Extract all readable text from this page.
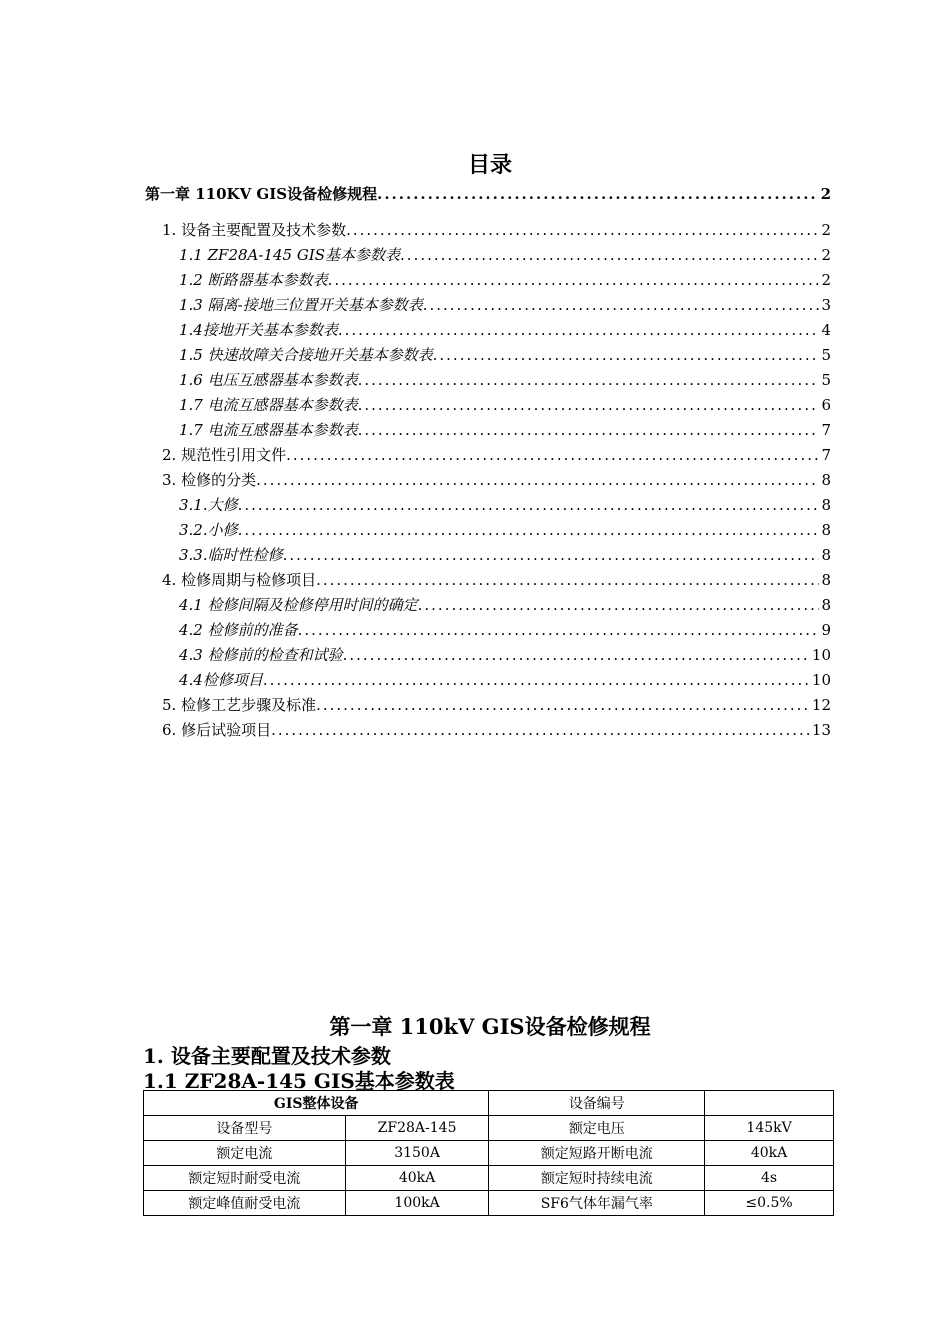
目录
第一章 110KV GIS设备检修规程 .....	2
1. 设备主要配置及技术参数 .....	2
1.1 ZF28A-145 GIS基本参数表 .....	2
1.2 断路器基本参数表 .....	2
1.3 隔离-接地三位置开关基本参数表 .....	3
1.4接地开关基本参数表 .....	4
1.5 快速故障关合接地开关基本参数表 .....	5
1.6 电压互感器基本参数表 .....	5
1.7 电流互感器基本参数表 .....	6
1.7 电流互感器基本参数表 .....	7
2. 规范性引用文件 .....	7
3. 检修的分类 .....	8
3.1.大修 .....	8
3.2.小修 .....	8
3.3.临时性检修 .....	8
4. 检修周期与检修项目 .....	8
4.1 检修间隔及检修停用时间的确定 .....	8
4.2 检修前的准备 .....	9
4.3 检修前的检查和试验 .....	10
4.4检修项目 .....	10
5. 检修工艺步骤及标准 .....	12
6. 修后试验项目 .....	13
第一章 110kV GIS设备检修规程
1. 设备主要配置及技术参数
1.1 ZF28A-145 GIS基本参数表
GIS整体设备		设备编号	
设备型号	ZF28A-145	额定电压	145kV
额定电流	3150A	额定短路开断电流	40kA
额定短时耐受电流	40kA	额定短时持续电流	4s
额定峰值耐受电流	100kA	SF6气体年漏气率	≤0.5%
